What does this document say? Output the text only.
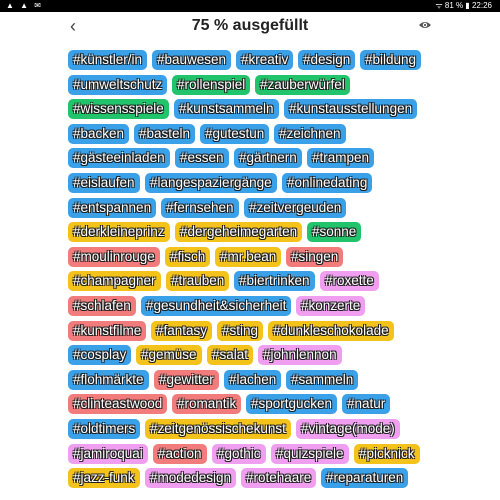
▲ ▲ ✉	ᯤ 81 % ▮ 22:26
‹	75 % ausgefüllt
#künstler/in	#bauwesen	#kreativ	#design	#bildung
#umweltschutz	#rollenspiel	#zauberwürfel
#wissensspiele	#kunstsammeln	#kunstausstellungen
#backen	#basteln	#gutestun	#zeichnen
#gästeeinladen	#essen	#gärtnern	#trampen
#eislaufen	#langespaziergänge	#onlinedating
#entspannen	#fernsehen	#zeitvergeuden
#derkleineprinz	#dergeheimegarten	#sonne
#moulinrouge	#fisch	#mr.bean	#singen
#champagner	#trauben	#biertrinken	#roxette
#schlafen	#gesundheit&sicherheit	#konzerte
#kunstfilme	#fantasy	#sting	#dunkleschokolade
#cosplay	#gemüse	#salat	#johnlennon
#flohmärkte	#gewitter	#lachen	#sammeln
#clinteastwood	#romantik	#sportgucken	#natur
#oldtimers	#zeitgenössischekunst	#vintage(mode)
#jamiroquai	#action	#gothic	#quizspiele	#picknick
#jazz-funk	#modedesign	#rotehaare	#reparaturen
